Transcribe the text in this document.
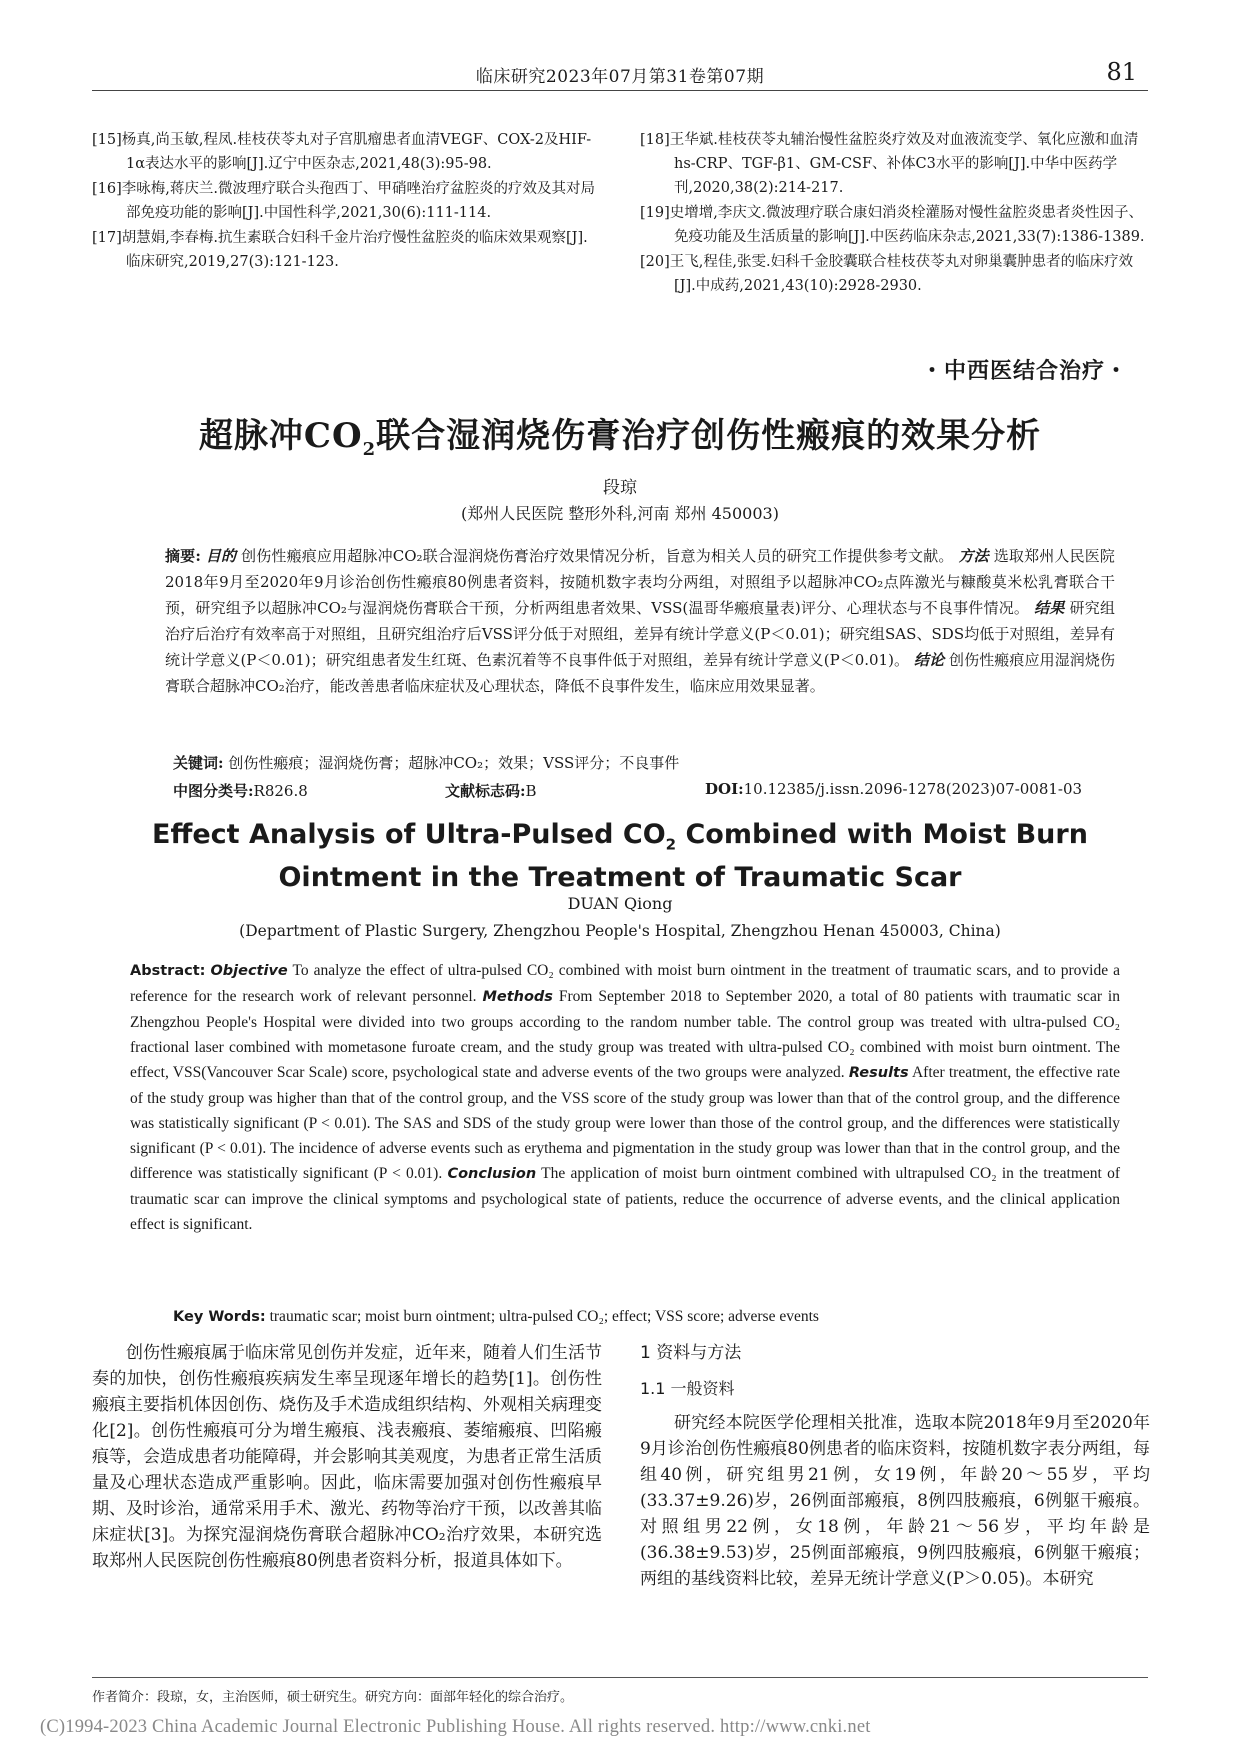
临床研究2023年07月第31卷第07期	81
[15]杨真,尚玉敏,程凤.桂枝茯苓丸对子宫肌瘤患者血清VEGF、COX-2及HIF-1α表达水平的影响[J].辽宁中医杂志,2021,48(3):95-98.
[16]李咏梅,蒋庆兰.微波理疗联合头孢西丁、甲硝唑治疗盆腔炎的疗效及其对局部免疫功能的影响[J].中国性科学,2021,30(6):111-114.
[17]胡慧娟,李春梅.抗生素联合妇科千金片治疗慢性盆腔炎的临床效果观察[J].临床研究,2019,27(3):121-123.
[18]王华斌.桂枝茯苓丸辅治慢性盆腔炎疗效及对血液流变学、氧化应激和血清hs-CRP、TGF-β1、GM-CSF、补体C3水平的影响[J].中华中医药学刊,2020,38(2):214-217.
[19]史增增,李庆文.微波理疗联合康妇消炎栓灌肠对慢性盆腔炎患者炎性因子、免疫功能及生活质量的影响[J].中医药临床杂志,2021,33(7):1386-1389.
[20]王飞,程佳,张雯.妇科千金胶囊联合桂枝茯苓丸对卵巢囊肿患者的临床疗效[J].中成药,2021,43(10):2928-2930.
・中西医结合治疗・
超脉冲$CO_2$联合湿润烧伤膏治疗创伤性瘢痕的效果分析
段琼
(郑州人民医院 整形外科,河南 郑州 450003)
摘要: 目的 创伤性瘢痕应用超脉冲CO₂联合湿润烧伤膏治疗效果情况分析，旨意为相关人员的研究工作提供参考文献。 方法 选取郑州人民医院2018年9月至2020年9月诊治创伤性瘢痕80例患者资料，按随机数字表均分两组，对照组予以超脉冲CO₂点阵激光与糠酸莫米松乳膏联合干预，研究组予以超脉冲CO₂与湿润烧伤膏联合干预，分析两组患者效果、VSS(温哥华瘢痕量表)评分、心理状态与不良事件情况。 结果 研究组治疗后治疗有效率高于对照组，且研究组治疗后VSS评分低于对照组，差异有统计学意义(P＜0.01)；研究组SAS、SDS均低于对照组，差异有统计学意义(P＜0.01)；研究组患者发生红斑、色素沉着等不良事件低于对照组，差异有统计学意义(P＜0.01)。 结论 创伤性瘢痕应用湿润烧伤膏联合超脉冲CO₂治疗，能改善患者临床症状及心理状态，降低不良事件发生，临床应用效果显著。
关键词: 创伤性瘢痕；湿润烧伤膏；超脉冲CO₂；效果；VSS评分；不良事件
中图分类号:R826.8	文献标志码:B	DOI:10.12385/j.issn.2096-1278(2023)07-0081-03
Effect Analysis of Ultra-Pulsed $CO_2$ Combined with Moist Burn
Ointment in the Treatment of Traumatic Scar
DUAN Qiong
(Department of Plastic Surgery, Zhengzhou People's Hospital, Zhengzhou Henan 450003, China)
Abstract: Objective To analyze the effect of ultra-pulsed CO₂ combined with moist burn ointment in the treatment of traumatic scars, and to provide a reference for the research work of relevant personnel. Methods From September 2018 to September 2020, a total of 80 patients with traumatic scar in Zhengzhou People's Hospital were divided into two groups according to the random number table. The control group was treated with ultra-pulsed CO₂ fractional laser combined with mometasone furoate cream, and the study group was treated with ultra-pulsed CO₂ combined with moist burn ointment. The effect, VSS(Vancouver Scar Scale) score, psychological state and adverse events of the two groups were analyzed. Results After treatment, the effective rate of the study group was higher than that of the control group, and the VSS score of the study group was lower than that of the control group, and the difference was statistically significant (P < 0.01). The SAS and SDS of the study group were lower than those of the control group, and the differences were statistically significant (P < 0.01). The incidence of adverse events such as erythema and pigmentation in the study group was lower than that in the control group, and the difference was statistically significant (P < 0.01). Conclusion The application of moist burn ointment combined with ultrapulsed CO₂ in the treatment of traumatic scar can improve the clinical symptoms and psychological state of patients, reduce the occurrence of adverse events, and the clinical application effect is significant.
Key Words: traumatic scar; moist burn ointment; ultra-pulsed CO₂; effect; VSS score; adverse events

创伤性瘢痕属于临床常见创伤并发症，近年来，随着人们生活节奏的加快，创伤性瘢痕疾病发生率呈现逐年增长的趋势[1]。创伤性瘢痕主要指机体因创伤、烧伤及手术造成组织结构、外观相关病理变化[2]。创伤性瘢痕可分为增生瘢痕、浅表瘢痕、萎缩瘢痕、凹陷瘢痕等，会造成患者功能障碍，并会影响其美观度，为患者正常生活质量及心理状态造成严重影响。因此，临床需要加强对创伤性瘢痕早期、及时诊治，通常采用手术、激光、药物等治疗干预，以改善其临床症状[3]。为探究湿润烧伤膏联合超脉冲CO₂治疗效果，本研究选取郑州人民医院创伤性瘢痕80例患者资料分析，报道具体如下。

1 资料与方法
1.1 一般资料

研究经本院医学伦理相关批准，选取本院2018年9月至2020年9月诊治创伤性瘢痕80例患者的临床资料，按随机数字表分两组，每组40例，研究组男21例，女19例，年龄20～55岁，平均(33.37±9.26)岁，26例面部瘢痕，8例四肢瘢痕，6例躯干瘢痕。对照组男22例，女18例，年龄21～56岁，平均年龄是(36.38±9.53)岁，25例面部瘢痕，9例四肢瘢痕，6例躯干瘢痕；两组的基线资料比较，差异无统计学意义(P＞0.05)。本研究

作者简介：段琼，女，主治医师，硕士研究生。研究方向：面部年轻化的综合治疗。
(C)1994-2023 China Academic Journal Electronic Publishing House. All rights reserved. http://www.cnki.net
